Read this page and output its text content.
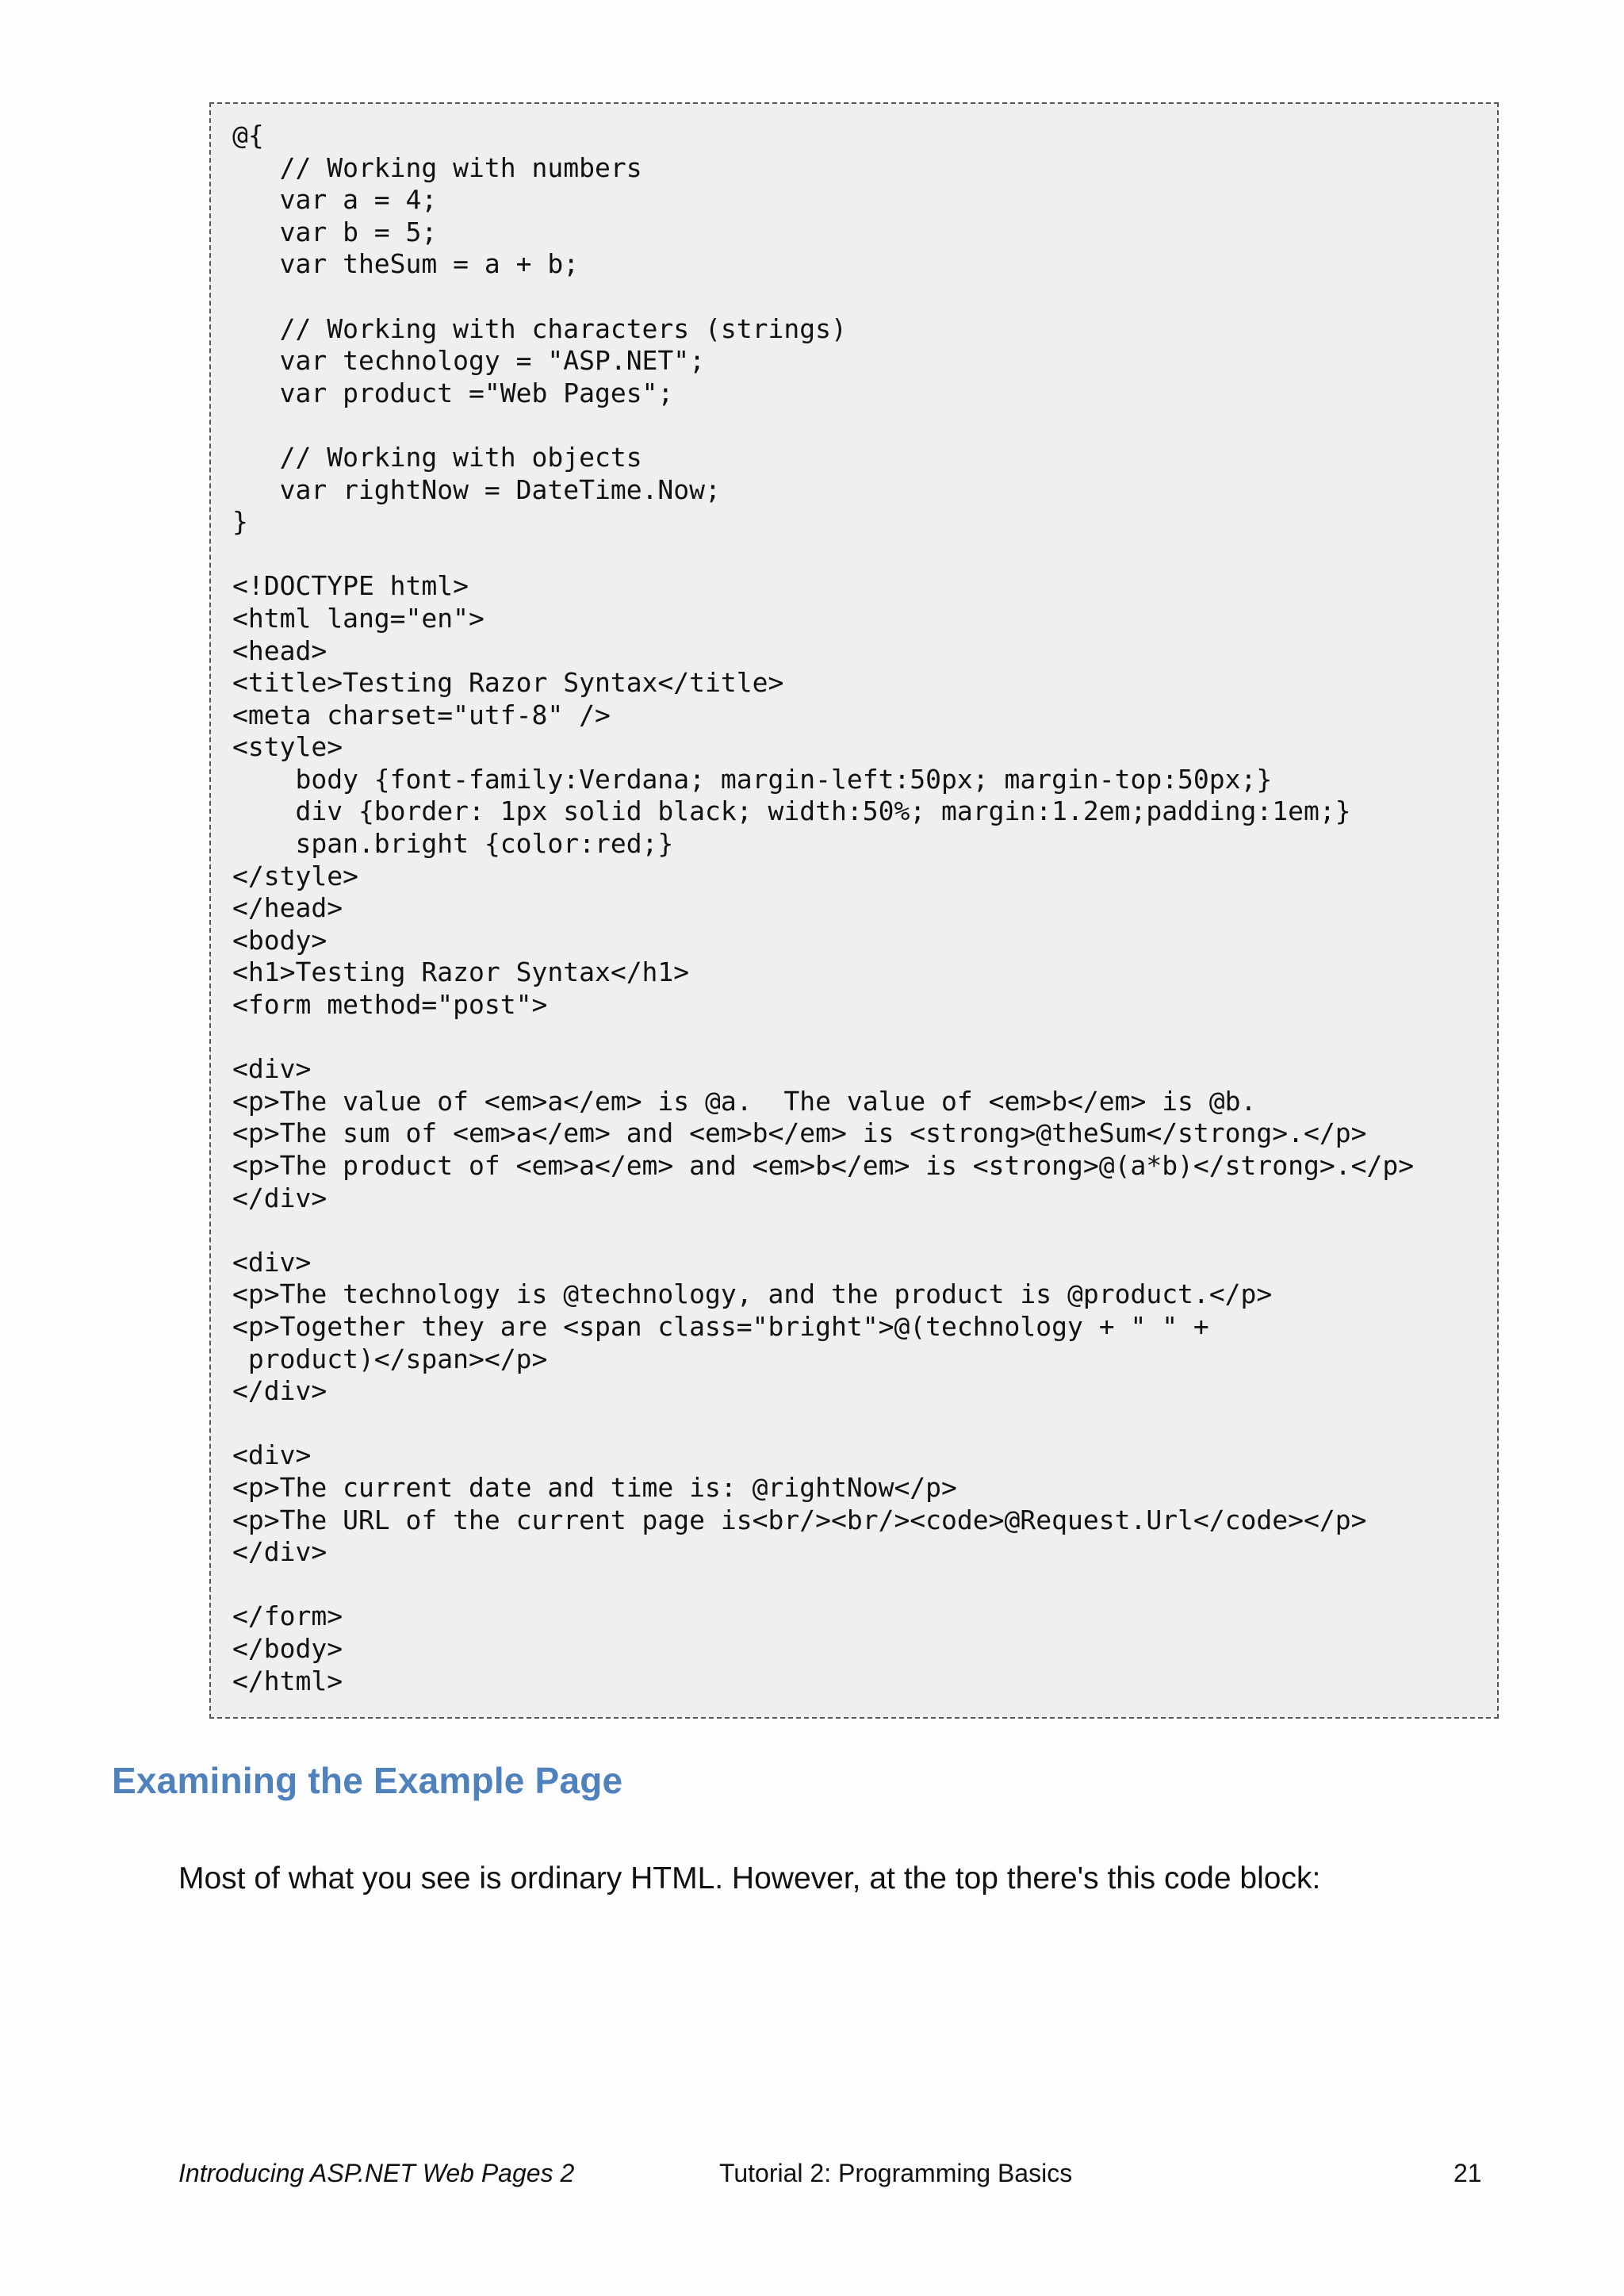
@{
// Working with numbers
var a = 4;
var b = 5;
var theSum = a + b;
// Working with characters (strings)
var technology = "ASP.NET";
var product ="Web Pages";
// Working with objects
var rightNow = DateTime.Now;
}
<!DOCTYPE html>
<html lang="en">
<head>
<title>Testing Razor Syntax</title>
<meta charset="utf-8" />
<style>
body {font-family:Verdana; margin-left:50px; margin-top:50px;}
div {border: 1px solid black; width:50%; margin:1.2em;padding:1em;}
span.bright {color:red;}
</style>
</head>
<body>
<h1>Testing Razor Syntax</h1>
<form method="post">
<div>
<p>The value of <em>a</em> is @a.  The value of <em>b</em> is @b.
<p>The sum of <em>a</em> and <em>b</em> is <strong>@theSum</strong>.</p>
<p>The product of <em>a</em> and <em>b</em> is <strong>@(a*b)</strong>.</p>
</div>
<div>
<p>The technology is @technology, and the product is @product.</p>
<p>Together they are <span class="bright">@(technology + " " +
product)</span></p>
</div>
<div>
<p>The current date and time is: @rightNow</p>
<p>The URL of the current page is<br/><br/><code>@Request.Url</code></p>
</div>
</form>
</body>
</html>
Examining the Example Page

Most of what you see is ordinary HTML. However, at the top there's this code block:

Introducing ASP.NET Web Pages 2	Tutorial 2: Programming Basics	21
